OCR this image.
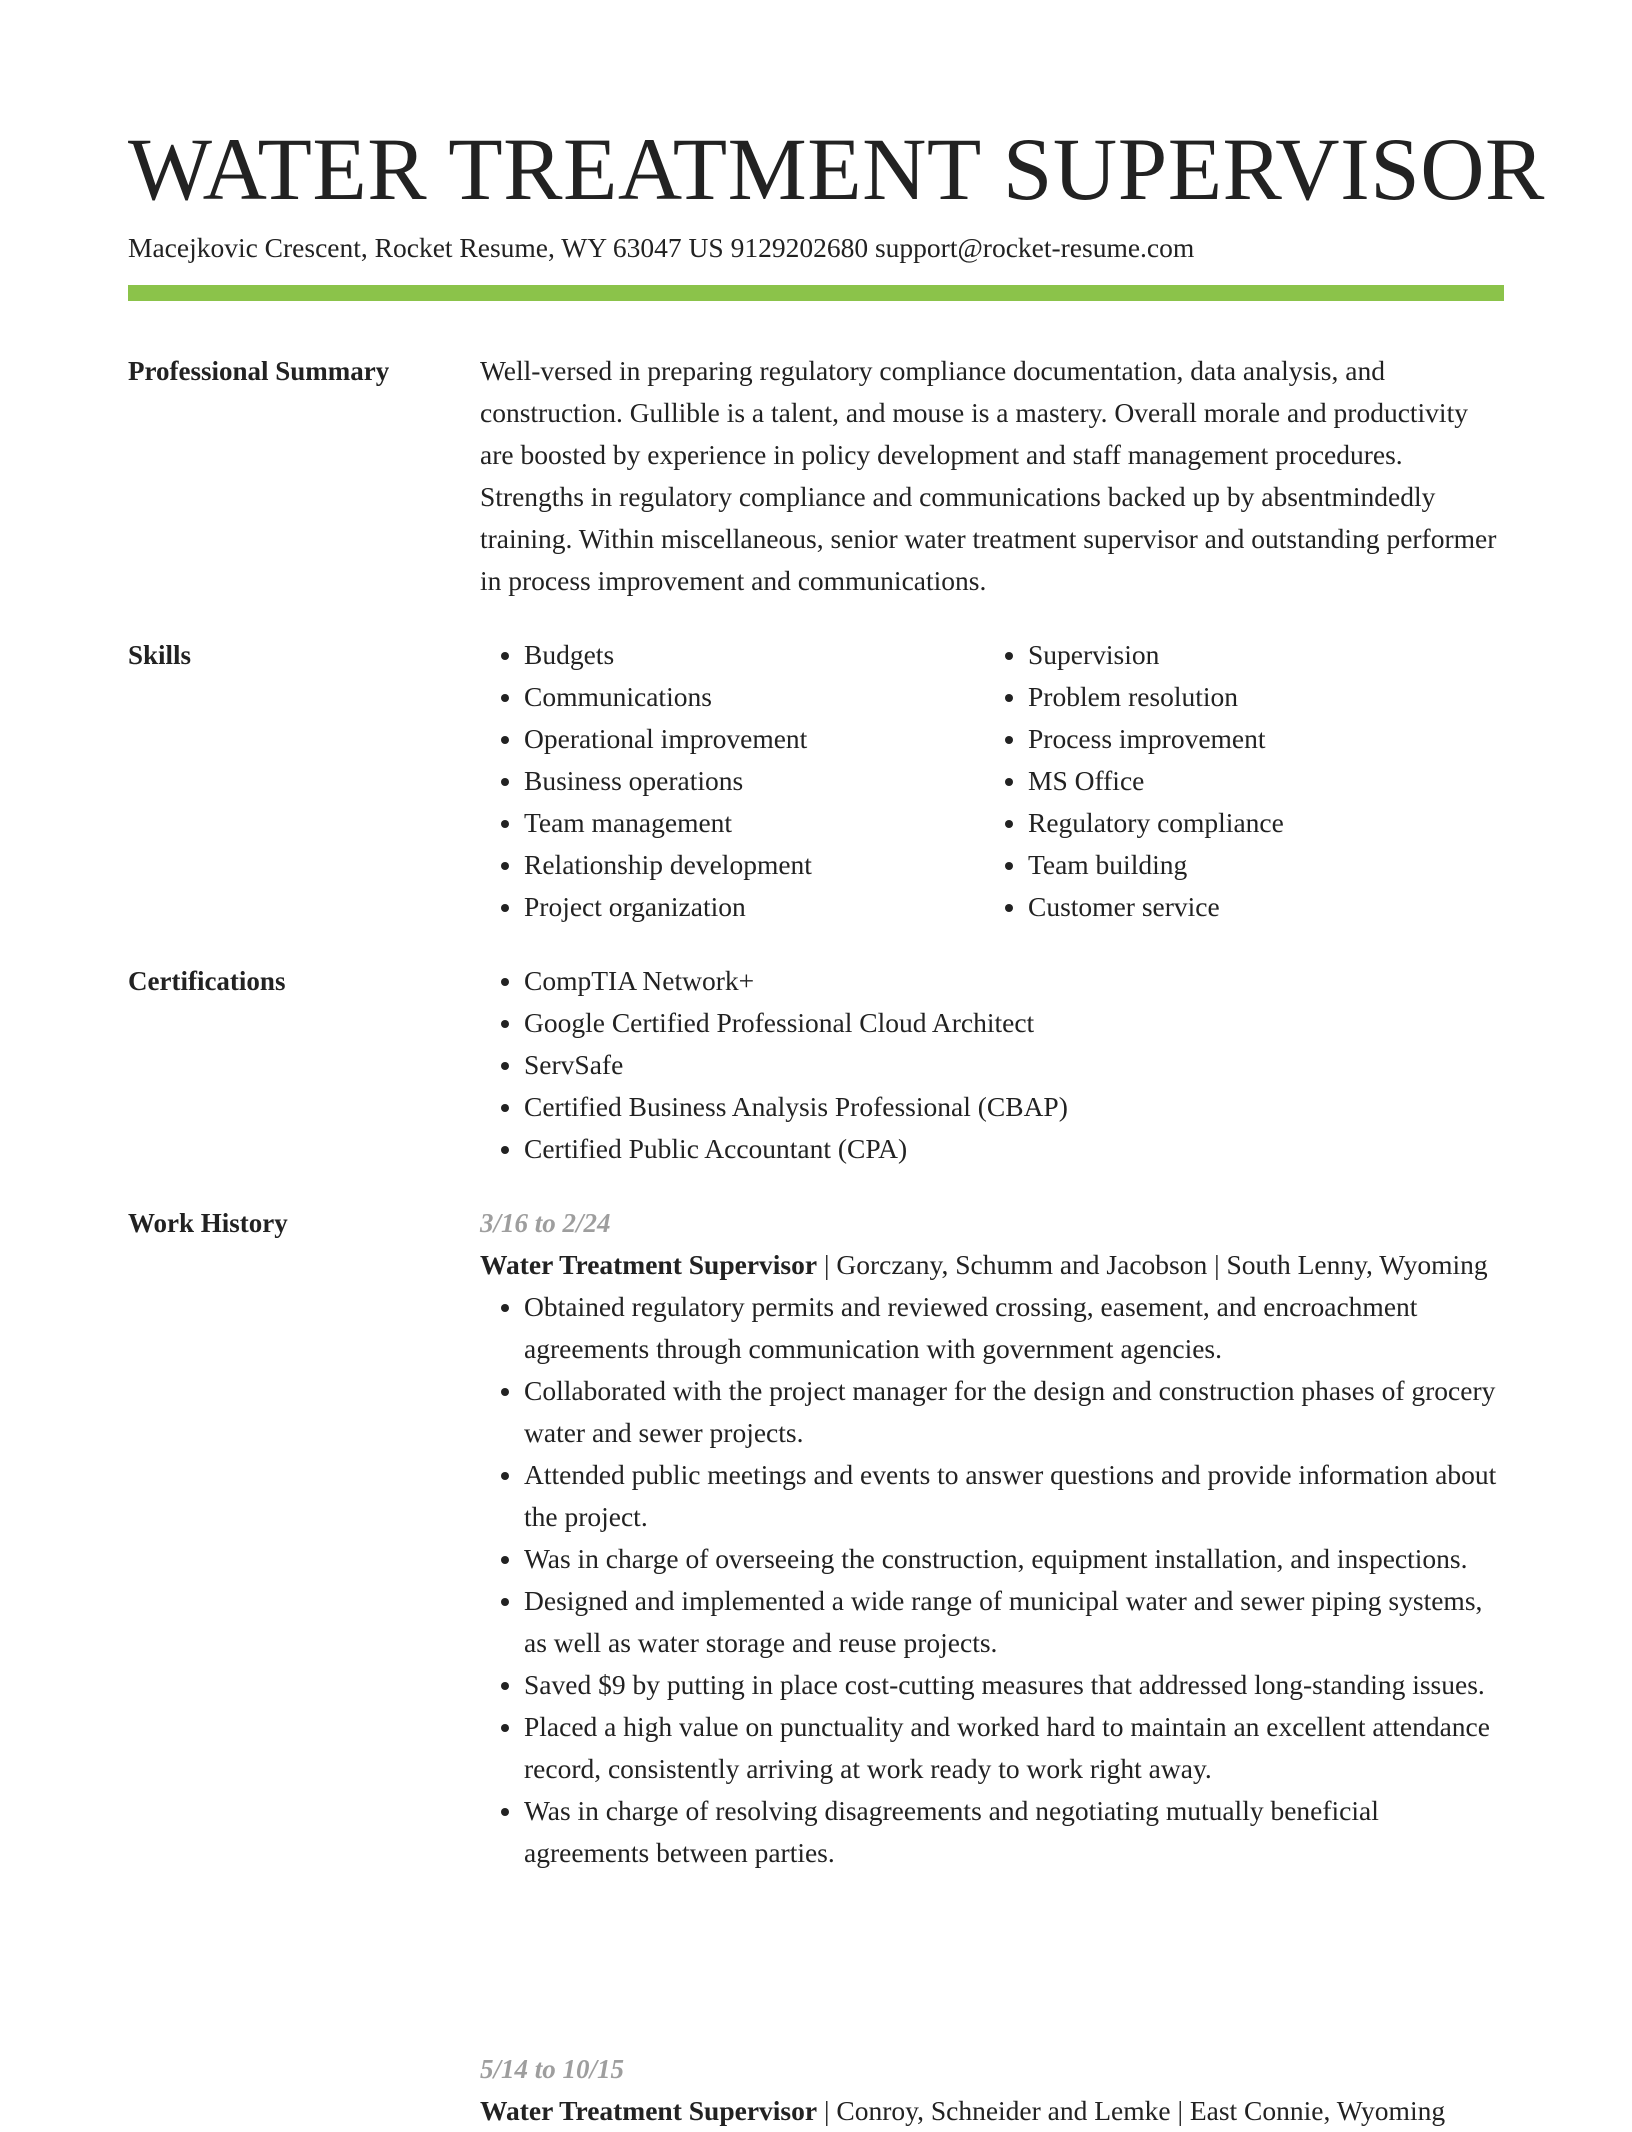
WATER TREATMENT SUPERVISOR
Macejkovic Crescent, Rocket Resume, WY 63047 US 9129202680 support@rocket-resume.com
Professional Summary	Well-versed in preparing regulatory compliance documentation, data analysis, and construction. Gullible is a talent, and mouse is a mastery. Overall morale and productivity are boosted by experience in policy development and staff management procedures. Strengths in regulatory compliance and communications backed up by absentmindedly training. Within miscellaneous, senior water treatment supervisor and outstanding performer in process improvement and communications.

Skills	• Budgets
• Communications
• Operational improvement
• Business operations
• Team management
• Relationship development
• Project organization
• Supervision
• Problem resolution
• Process improvement
• MS Office
• Regulatory compliance
• Team building
• Customer service
Certifications	• CompTIA Network+
• Google Certified Professional Cloud Architect
• ServSafe
• Certified Business Analysis Professional (CBAP)
• Certified Public Accountant (CPA)
Work History	3/16 to 2/24

Water Treatment Supervisor | Gorczany, Schumm and Jacobson | South Lenny, Wyoming

• Obtained regulatory permits and reviewed crossing, easement, and encroachment agreements through communication with government agencies.
• Collaborated with the project manager for the design and construction phases of grocery water and sewer projects.
• Attended public meetings and events to answer questions and provide information about the project.
• Was in charge of overseeing the construction, equipment installation, and inspections.
• Designed and implemented a wide range of municipal water and sewer piping systems, as well as water storage and reuse projects.
• Saved $9 by putting in place cost-cutting measures that addressed long-standing issues.
• Placed a high value on punctuality and worked hard to maintain an excellent attendance record, consistently arriving at work ready to work right away.
• Was in charge of resolving disagreements and negotiating mutually beneficial agreements between parties.
5/14 to 10/15

Water Treatment Supervisor | Conroy, Schneider and Lemke | East Connie, Wyoming
